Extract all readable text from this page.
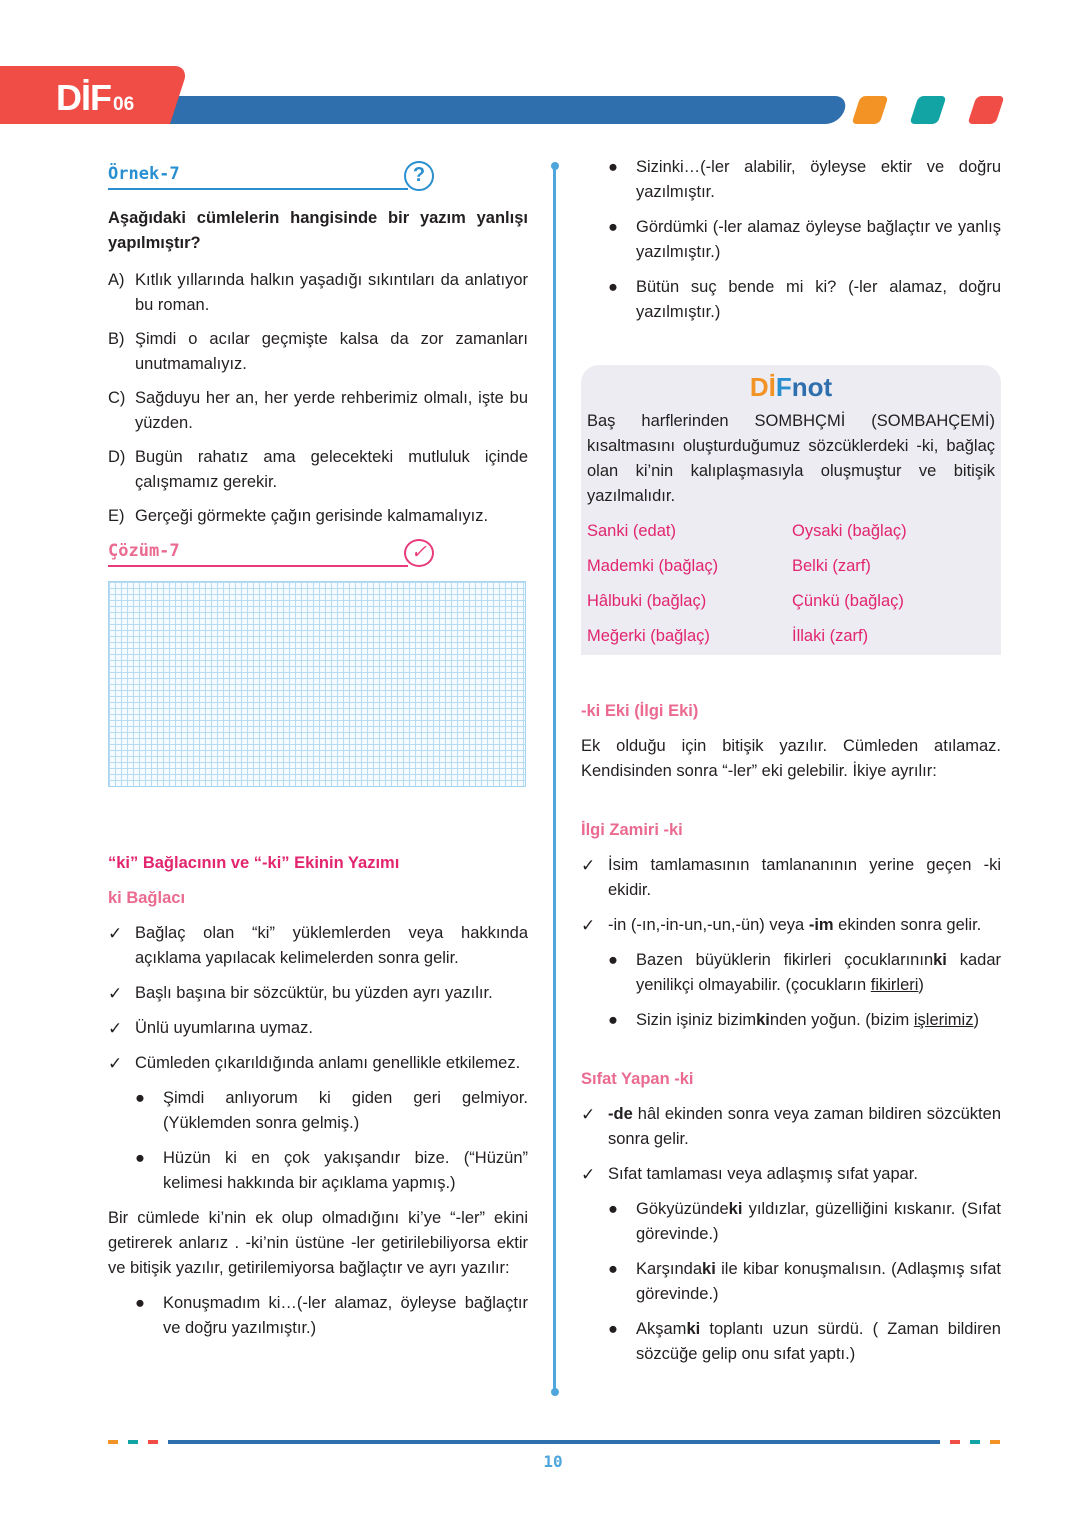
DİF 06
Örnek-7	?

Aşağıdaki cümlelerin hangisinde bir yazım yanlışı yapılmıştır?

A) Kıtlık yıllarında halkın yaşadığı sıkıntıları da anlatıyor bu roman.
B) Şimdi o acılar geçmişte kalsa da zor zamanları unutmamalıyız.
C) Sağduyu her an, her yerde rehberimiz olmalı, işte bu yüzden.
D) Bugün rahatız ama gelecekteki mutluluk içinde çalışmamız gerekir.
E) Gerçeği görmekte çağın gerisinde kalmamalıyız.
Çözüm-7	✓

“ki” Bağlacının ve “-ki” Ekinin Yazımı

ki Bağlacı

✓ Bağlaç olan “ki” yüklemlerden veya hakkında açıklama yapılacak kelimelerden sonra gelir.
✓ Başlı başına bir sözcüktür, bu yüzden ayrı yazılır.
✓ Ünlü uyumlarına uymaz.
✓ Cümleden çıkarıldığında anlamı genellikle etkilemez.
● Şimdi anlıyorum ki giden geri gelmiyor. (Yüklemden sonra gelmiş.)
● Hüzün ki en çok yakışandır bize. (“Hüzün” kelimesi hakkında bir açıklama yapmış.)

Bir cümlede ki’nin ek olup olmadığını ki’ye “-ler” ekini getirerek anlarız . -ki’nin üstüne -ler getirilebiliyorsa ektir ve bitişik yazılır, getirilemiyorsa bağlaçtır ve ayrı yazılır:

● Konuşmadım ki…(-ler alamaz, öyleyse bağlaçtır ve doğru yazılmıştır.)
● Sizinki…(-ler alabilir, öyleyse ektir ve doğru yazılmıştır.
● Gördümki (-ler alamaz öyleyse bağlaçtır ve yanlış yazılmıştır.)
● Bütün suç bende mi ki? (-ler alamaz, doğru yazılmıştır.)
DİFnot

Baş harflerinden SOMBHÇMİ (SOMBAHÇEMİ) kısaltmasını oluşturduğumuz sözcüklerdeki -ki, bağlaç olan ki’nin kalıplaşmasıyla oluşmuştur ve bitişik yazılmalıdır.

Sanki (edat)	Oysaki (bağlaç)
Mademki (bağlaç)	Belki (zarf)
Hâlbuki (bağlaç)	Çünkü (bağlaç)
Meğerki (bağlaç)	İllaki (zarf)

-ki Eki (İlgi Eki)

Ek olduğu için bitişik yazılır. Cümleden atılamaz. Kendisinden sonra “-ler” eki gelebilir. İkiye ayrılır:

İlgi Zamiri -ki

✓ İsim tamlamasının tamlananının yerine geçen -ki ekidir.
✓ -in (-ın,-in-un,-un,-ün) veya -im ekinden sonra gelir.
● Bazen büyüklerin fikirleri çocuklarınınki kadar yenilikçi olmayabilir. (çocukların fikirleri)
● Sizin işiniz bizimkinden yoğun. (bizim işlerimiz)

Sıfat Yapan -ki

✓ -de hâl ekinden sonra veya zaman bildiren sözcükten sonra gelir.
✓ Sıfat tamlaması veya adlaşmış sıfat yapar.
● Gökyüzündeki yıldızlar, güzelliğini kıskanır. (Sıfat görevinde.)
● Karşındaki ile kibar konuşmalısın. (Adlaşmış sıfat görevinde.)
● Akşamki toplantı uzun sürdü. ( Zaman bildiren sözcüğe gelip onu sıfat yaptı.)
10
